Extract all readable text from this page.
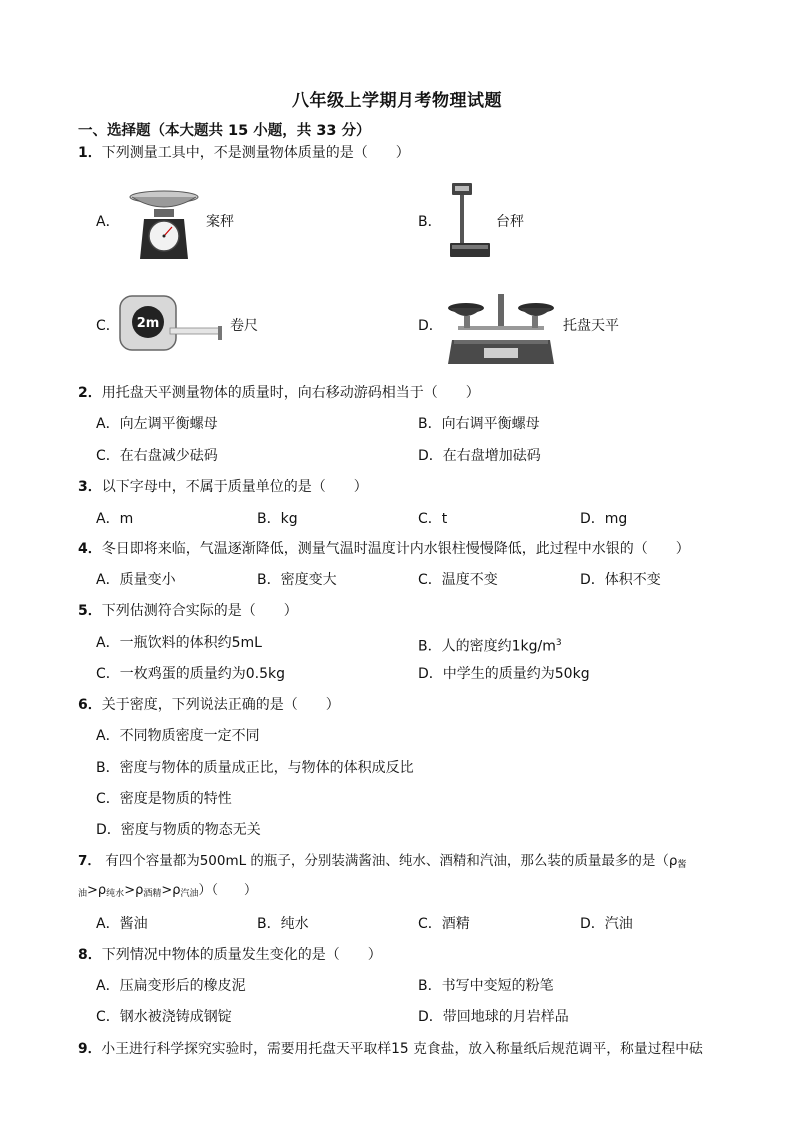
八年级上学期月考物理试题
一、选择题（本大题共 15 小题，共 33 分）
1．下列测量工具中，不是测量物体质量的是（　　）
A．	案秤	B．	台秤
C． 2m	卷尺	D．	托盘天平
2．用托盘天平测量物体的质量时，向右移动游码相当于（　　）
A．向左调平衡螺母	B．向右调平衡螺母
C．在右盘减少砝码	D．在右盘增加砝码
3．以下字母中，不属于质量单位的是（　　）
A．m	B．kg	C．t	D．mg
4．冬日即将来临，气温逐渐降低，测量气温时温度计内水银柱慢慢降低，此过程中水银的（　　）
A．质量变小	B．密度变大	C．温度不变	D．体积不变
5．下列估测符合实际的是（　　）
A．一瓶饮料的体积约5mL	B．人的密度约$1kg/m^3$
C．一枚鸡蛋的质量约为0.5kg	D．中学生的质量约为50kg
6．关于密度，下列说法正确的是（　　）
A．不同物质密度一定不同
B．密度与物体的质量成正比，与物体的体积成反比
C．密度是物质的特性
D．密度与物质的物态无关
7． 有四个容量都为500mL 的瓶子，分别装满酱油、纯水、酒精和汽油，那么装的质量最多的是（$\rho_酱$
$_油>\rho_{纯水}>\rho_{酒精}>\rho_{汽油}$）（　　）
A．酱油	B．纯水	C．酒精	D．汽油
8．下列情况中物体的质量发生变化的是（　　）
A．压扁变形后的橡皮泥	B．书写中变短的粉笔
C．钢水被浇铸成钢锭	D．带回地球的月岩样品
9．小王进行科学探究实验时，需要用托盘天平取样15 克食盐，放入称量纸后规范调平，称量过程中砝
